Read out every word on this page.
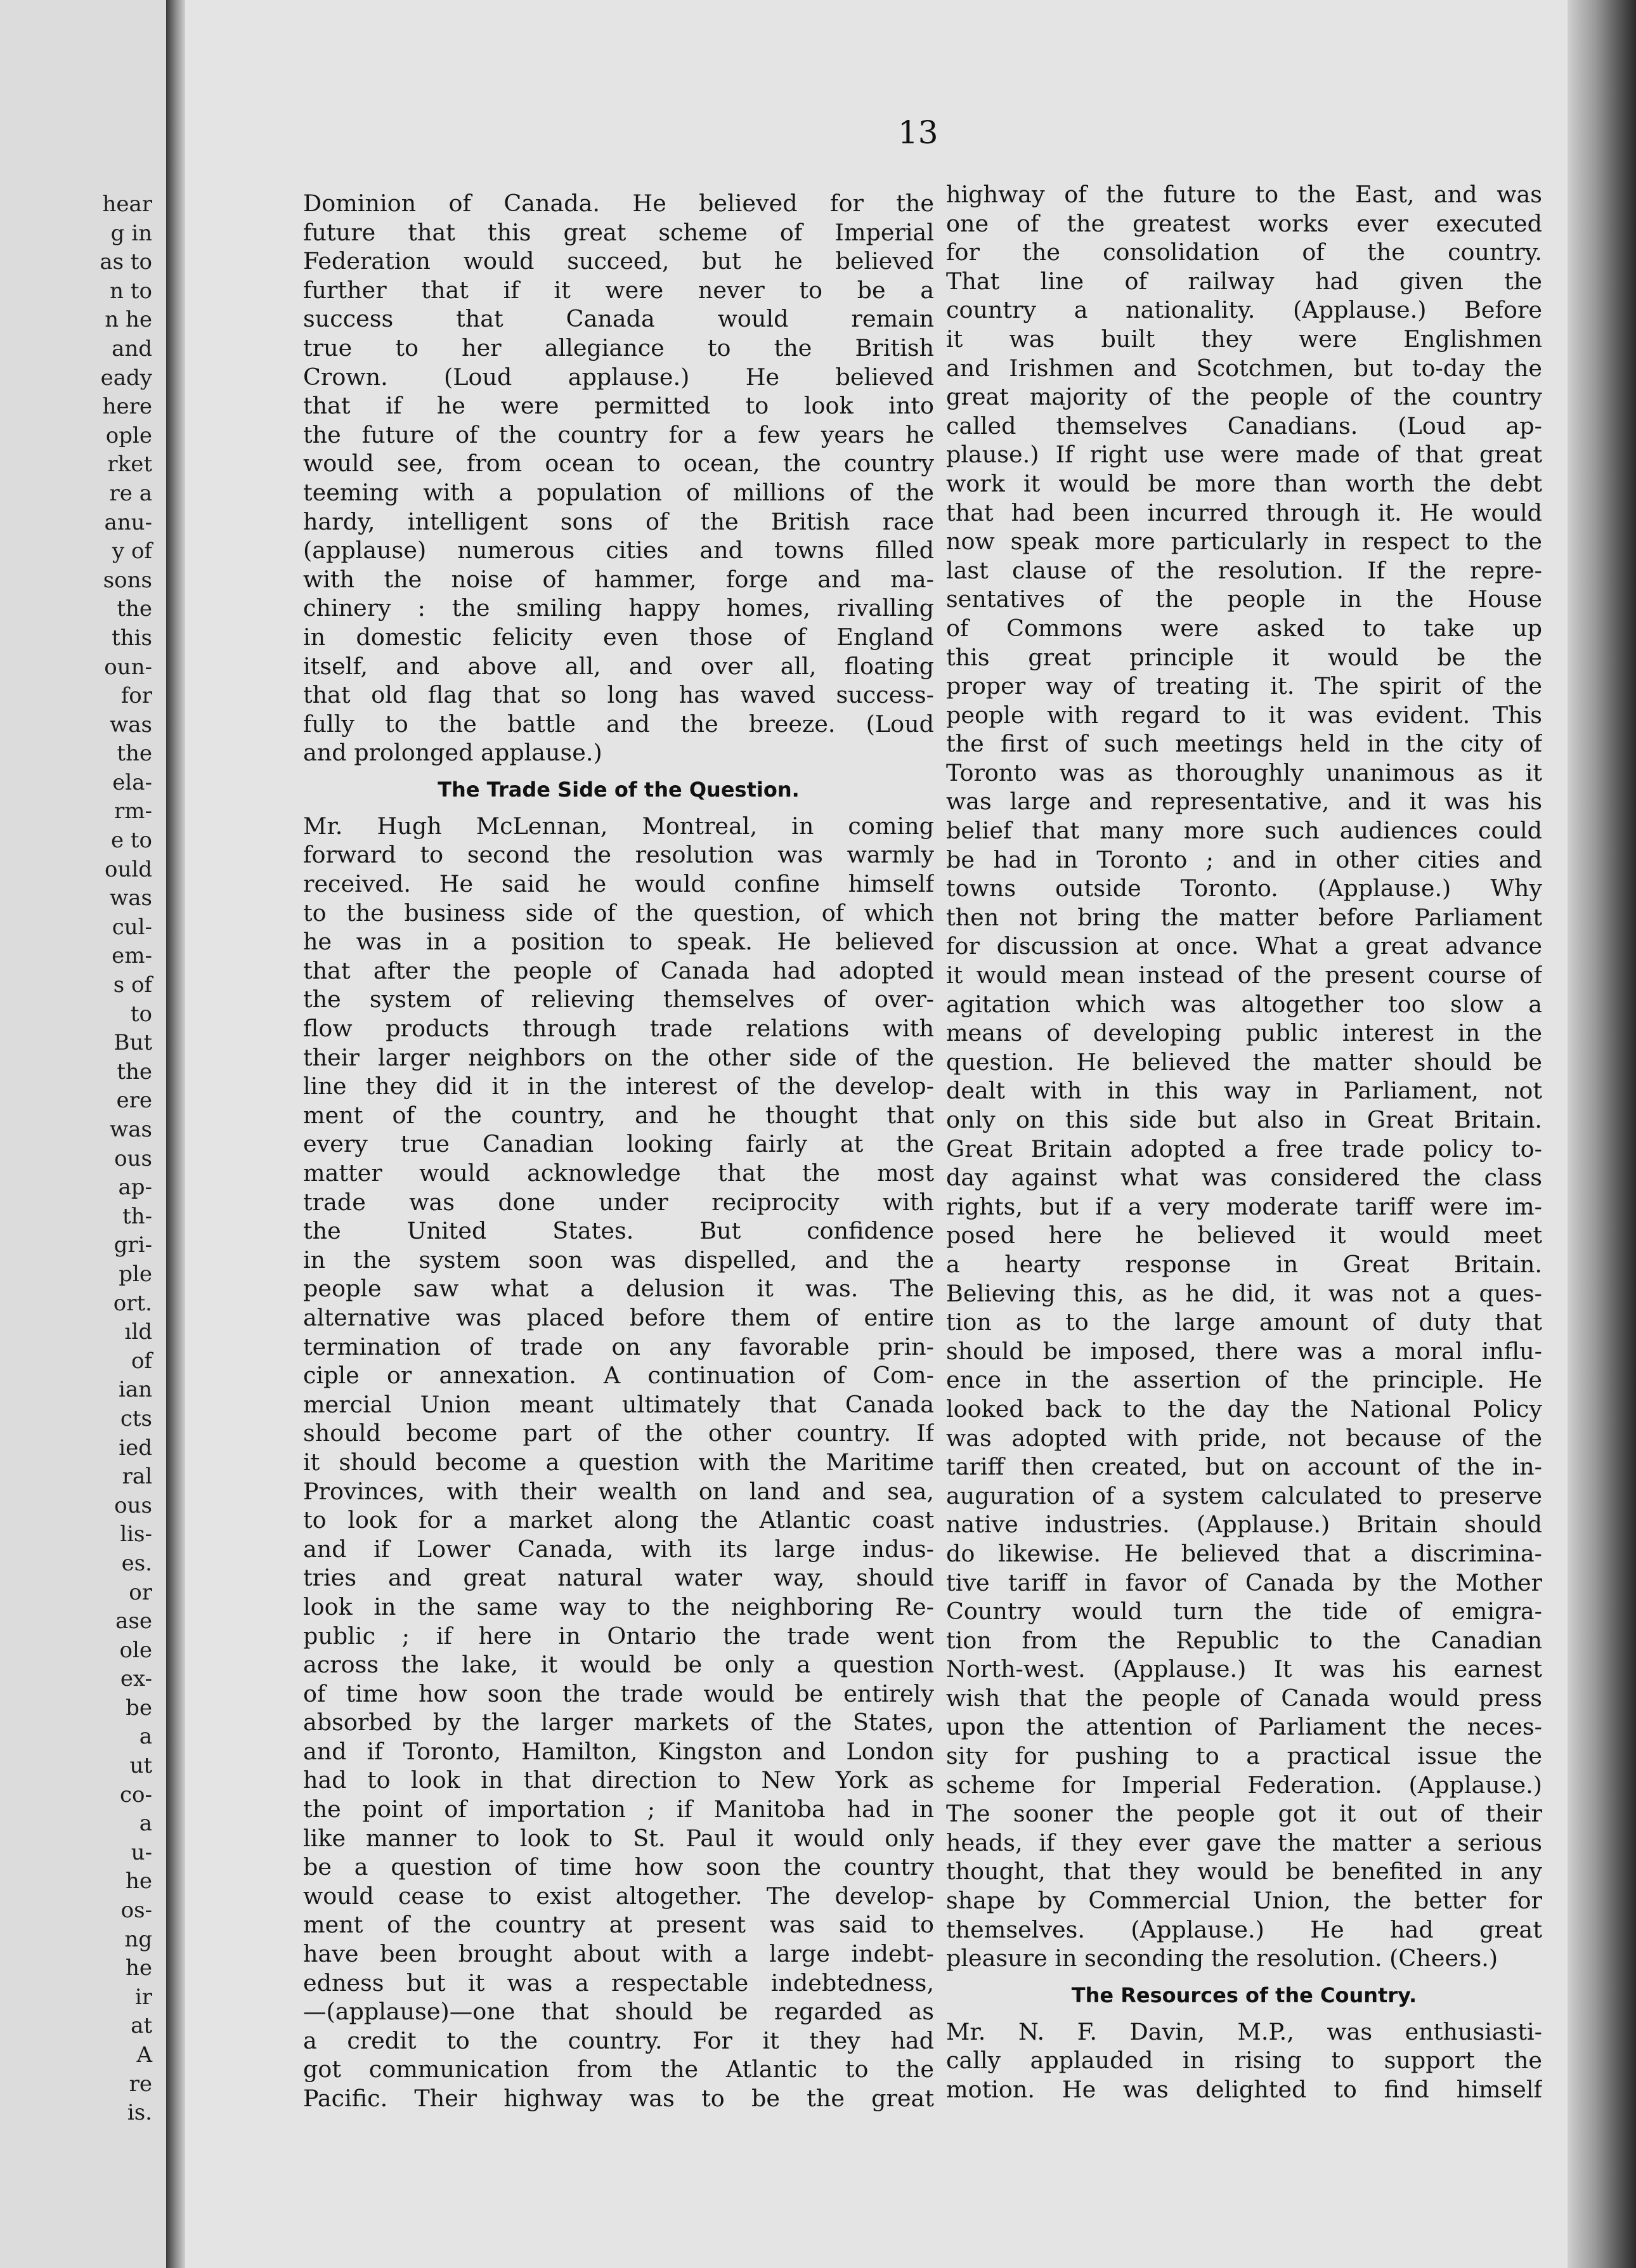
hear
g in
as to
n to
n he
and
eady
here
ople
rket
re a
anu-
y of
sons
the
this
oun-
for
was
the
ela-
rm-
e to
ould
was
cul-
em-
s of
to
But
the
ere
was
ous
ap-
th-
gri-
ple
ort.
ıld
of
ian
cts
ied
ral
ous
lis-
es.
or
ase
ole
ex-
be
a
ut
co-
a
u-
he
os-
ng
he
ir
at
A
re
is.
13
Dominion of Canada. He believed for the
future that this great scheme of Imperial
Federation would succeed, but he believed
further that if it were never to be a
success that Canada would remain
true to her allegiance to the British
Crown. (Loud applause.) He believed
that if he were permitted to look into
the future of the country for a few years he
would see, from ocean to ocean, the country
teeming with a population of millions of the
hardy, intelligent sons of the British race
(applause) numerous cities and towns filled
with the noise of hammer, forge and ma-
chinery : the smiling happy homes, rivalling
in domestic felicity even those of England
itself, and above all, and over all, floating
that old flag that so long has waved success-
fully to the battle and the breeze. (Loud
and prolonged applause.)
The Trade Side of the Question.
Mr. Hugh McLennan, Montreal, in coming
forward to second the resolution was warmly
received. He said he would confine himself
to the business side of the question, of which
he was in a position to speak. He believed
that after the people of Canada had adopted
the system of relieving themselves of over-
flow products through trade relations with
their larger neighbors on the other side of the
line they did it in the interest of the develop-
ment of the country, and he thought that
every true Canadian looking fairly at the
matter would acknowledge that the most
trade was done under reciprocity with
the United States. But confidence
in the system soon was dispelled, and the
people saw what a delusion it was. The
alternative was placed before them of entire
termination of trade on any favorable prin-
ciple or annexation. A continuation of Com-
mercial Union meant ultimately that Canada
should become part of the other country. If
it should become a question with the Maritime
Provinces, with their wealth on land and sea,
to look for a market along the Atlantic coast
and if Lower Canada, with its large indus-
tries and great natural water way, should
look in the same way to the neighboring Re-
public ; if here in Ontario the trade went
across the lake, it would be only a question
of time how soon the trade would be entirely
absorbed by the larger markets of the States,
and if Toronto, Hamilton, Kingston and London
had to look in that direction to New York as
the point of importation ; if Manitoba had in
like manner to look to St. Paul it would only
be a question of time how soon the country
would cease to exist altogether. The develop-
ment of the country at present was said to
have been brought about with a large indebt-
edness but it was a respectable indebtedness,
—(applause)—one that should be regarded as
a credit to the country. For it they had
got communication from the Atlantic to the
Pacific. Their highway was to be the great
highway of the future to the East, and was
one of the greatest works ever executed
for the consolidation of the country.
That line of railway had given the
country a nationality. (Applause.) Before
it was built they were Englishmen
and Irishmen and Scotchmen, but to-day the
great majority of the people of the country
called themselves Canadians. (Loud ap-
plause.) If right use were made of that great
work it would be more than worth the debt
that had been incurred through it. He would
now speak more particularly in respect to the
last clause of the resolution. If the repre-
sentatives of the people in the House
of Commons were asked to take up
this great principle it would be the
proper way of treating it. The spirit of the
people with regard to it was evident. This
the first of such meetings held in the city of
Toronto was as thoroughly unanimous as it
was large and representative, and it was his
belief that many more such audiences could
be had in Toronto ; and in other cities and
towns outside Toronto. (Applause.) Why
then not bring the matter before Parliament
for discussion at once. What a great advance
it would mean instead of the present course of
agitation which was altogether too slow a
means of developing public interest in the
question. He believed the matter should be
dealt with in this way in Parliament, not
only on this side but also in Great Britain.
Great Britain adopted a free trade policy to-
day against what was considered the class
rights, but if a very moderate tariff were im-
posed here he believed it would meet
a hearty response in Great Britain.
Believing this, as he did, it was not a ques-
tion as to the large amount of duty that
should be imposed, there was a moral influ-
ence in the assertion of the principle. He
looked back to the day the National Policy
was adopted with pride, not because of the
tariff then created, but on account of the in-
auguration of a system calculated to preserve
native industries. (Applause.) Britain should
do likewise. He believed that a discrimina-
tive tariff in favor of Canada by the Mother
Country would turn the tide of emigra-
tion from the Republic to the Canadian
North-west. (Applause.) It was his earnest
wish that the people of Canada would press
upon the attention of Parliament the neces-
sity for pushing to a practical issue the
scheme for Imperial Federation. (Applause.)
The sooner the people got it out of their
heads, if they ever gave the matter a serious
thought, that they would be benefited in any
shape by Commercial Union, the better for
themselves. (Applause.) He had great
pleasure in seconding the resolution. (Cheers.)
The Resources of the Country.
Mr. N. F. Davin, M.P., was enthusiasti-
cally applauded in rising to support the
motion. He was delighted to find himself
